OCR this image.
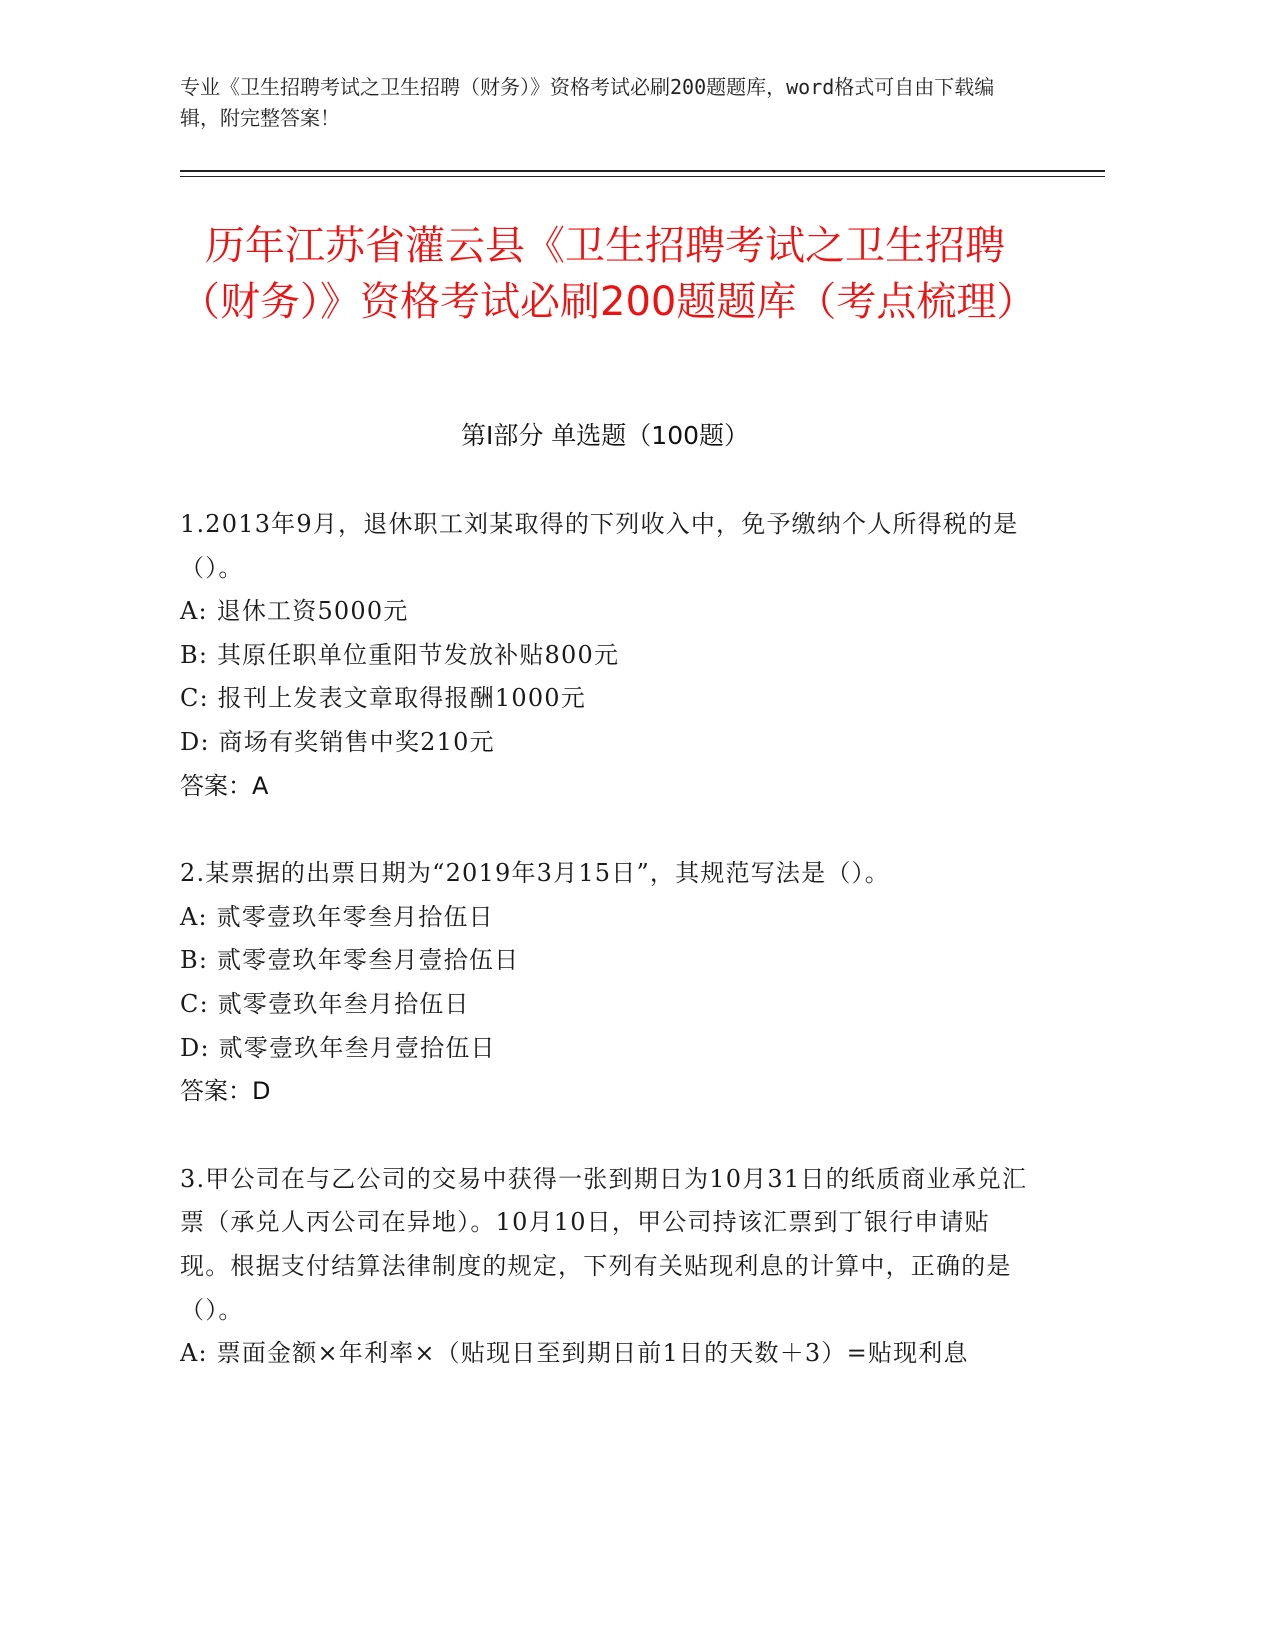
专业《卫生招聘考试之卫生招聘（财务）》资格考试必刷200题题库，word格式可自由下载编辑，附完整答案！
历年江苏省灌云县《卫生招聘考试之卫生招聘（财务）》资格考试必刷200题题库（考点梳理）
第I部分 单选题（100题）
1.2013年9月，退休职工刘某取得的下列收入中，免予缴纳个人所得税的是（）。
A: 退休工资5000元
B: 其原任职单位重阳节发放补贴800元
C: 报刊上发表文章取得报酬1000元
D: 商场有奖销售中奖210元
答案：A
2.某票据的出票日期为“2019年3月15日”，其规范写法是（）。
A: 贰零壹玖年零叁月拾伍日
B: 贰零壹玖年零叁月壹拾伍日
C: 贰零壹玖年叁月拾伍日
D: 贰零壹玖年叁月壹拾伍日
答案：D
3.甲公司在与乙公司的交易中获得一张到期日为10月31日的纸质商业承兑汇票（承兑人丙公司在异地）。10月10日，甲公司持该汇票到丁银行申请贴现。根据支付结算法律制度的规定，下列有关贴现利息的计算中，正确的是（）。
A: 票面金额×年利率×（贴现日至到期日前1日的天数＋3）=贴现利息
